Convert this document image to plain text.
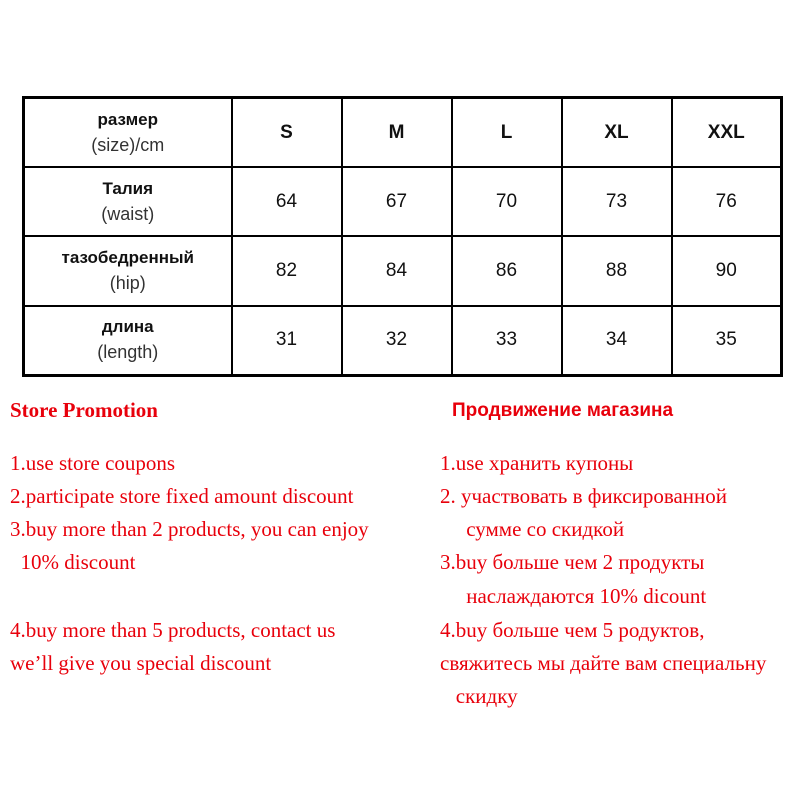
размер
(size)/cm	S	M	L	XL	XXL

Талия
(waist)	64	67	70	73	76

тазобедренный
(hip)	82	84	86	88	90

длина
(length)	31	32	33	34	35
Store Promotion
1.use store coupons
2.participate store fixed amount discount
3.buy more than 2 products, you can enjoy
10% discount
4.buy more than 5 products, contact us
we’ll give you special discount
Продвижение магазина
1.use хранить купоны
2. участвовать в фиксированной
сумме со скидкой
3.buy больше чем 2 продукты
наслаждаются 10% dicount
4.buy больше чем 5 родуктов,
свяжитесь мы дайте вам специальну
скидку
